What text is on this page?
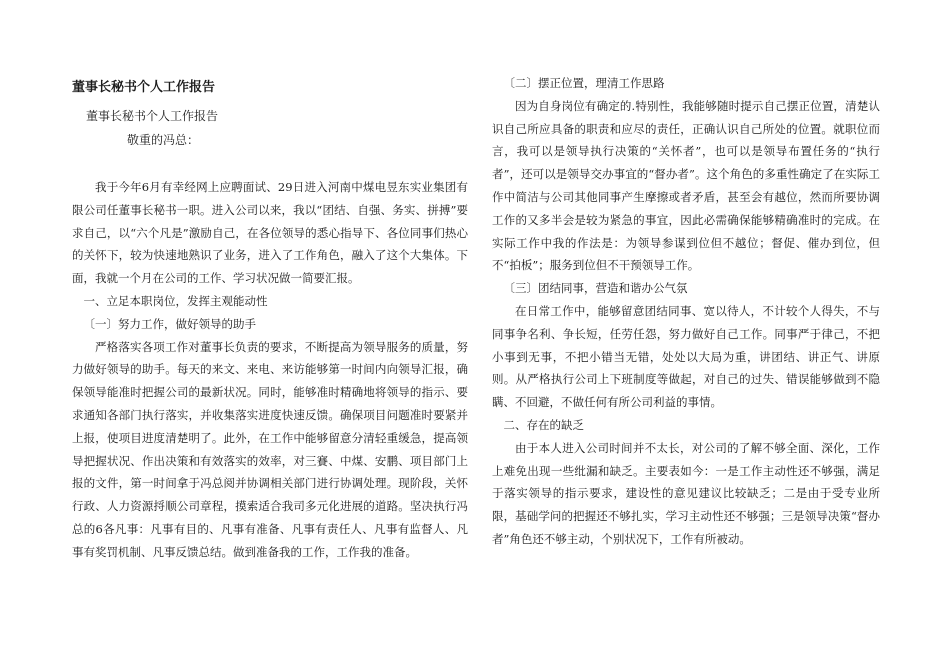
董事长秘书个人工作报告
董事长秘书个人工作报告
敬重的冯总：

我于今年6月有幸经网上应聘面试、29日进入河南中煤电昱东实业集团有限公司任董事长秘书一职。进入公司以来，我以“团结、自强、务实、拼搏”要求自己，以“六个凡是”激励自己，在各位领导的悉心指导下、各位同事们热心的关怀下，较为快速地熟识了业务，进入了工作角色，融入了这个大集体。下面，我就一个月在公司的工作、学习状况做一简要汇报。

一、立足本职岗位，发挥主观能动性

〔一〕努力工作，做好领导的助手

严格落实各项工作对董事长负责的要求，不断提高为领导服务的质量，努力做好领导的助手。每天的来文、来电、来访能够第一时间内向领导汇报，确保领导能准时把握公司的最新状况。同时，能够准时精确地将领导的指示、要求通知各部门执行落实，并收集落实进度快速反馈。确保项目问题准时要紧并上报，使项目进度清楚明了。此外，在工作中能够留意分清轻重缓急，提高领导把握状况、作出决策和有效落实的效率，对三賽、中煤、安鹏、项目部门上报的文件，第一时间拿于冯总阅并协调相关部门进行协调处理。现阶段，关怀行政、人力资源捋顺公司章程，摸索适合我司多元化进展的道路。坚决执行冯总的6各凡事：凡事有目的、凡事有准备、凡事有责任人、凡事有监督人、凡事有奖罚机制、凡事反馈总结。做到准备我的工作，工作我的准备。

〔二〕摆正位置，理清工作思路

因为自身岗位有确定的.特别性，我能够随时提示自己摆正位置，清楚认识自己所应具备的职责和应尽的责任，正确认识自己所处的位置。就职位而言，我可以是领导执行决策的“关怀者”，也可以是领导布置任务的“执行者”，还可以是领导交办事宜的“督办者”。这个角色的多重性确定了在实际工作中简洁与公司其他同事产生摩擦或者矛盾，甚至会有越位，然而所要协调工作的又多半会是较为紧急的事宜，因此必需确保能够精确准时的完成。在实际工作中我的作法是：为领导参谋到位但不越位；督促、催办到位，但不“拍板”；服务到位但不干预领导工作。

〔三〕团结同事，营造和谐办公气氛

在日常工作中，能够留意团结同事、宽以待人，不计较个人得失，不与同事争名利、争长短，任劳任怨，努力做好自己工作。同事严于律己，不把小事到无事，不把小错当无错，处处以大局为重，讲团结、讲正气、讲原则。从严格执行公司上下班制度等做起，对自己的过失、错误能够做到不隐瞒、不回避，不做任何有所公司利益的事情。

二、存在的缺乏

由于本人进入公司时间并不太长，对公司的了解不够全面、深化，工作上难免出现一些纰漏和缺乏。主要表如今：一是工作主动性还不够强，满足于落实领导的指示要求，建设性的意见建议比较缺乏；二是由于受专业所限，基础学问的把握还不够扎实，学习主动性还不够强；三是领导决策“督办者”角色还不够主动，个别状况下，工作有所被动。
